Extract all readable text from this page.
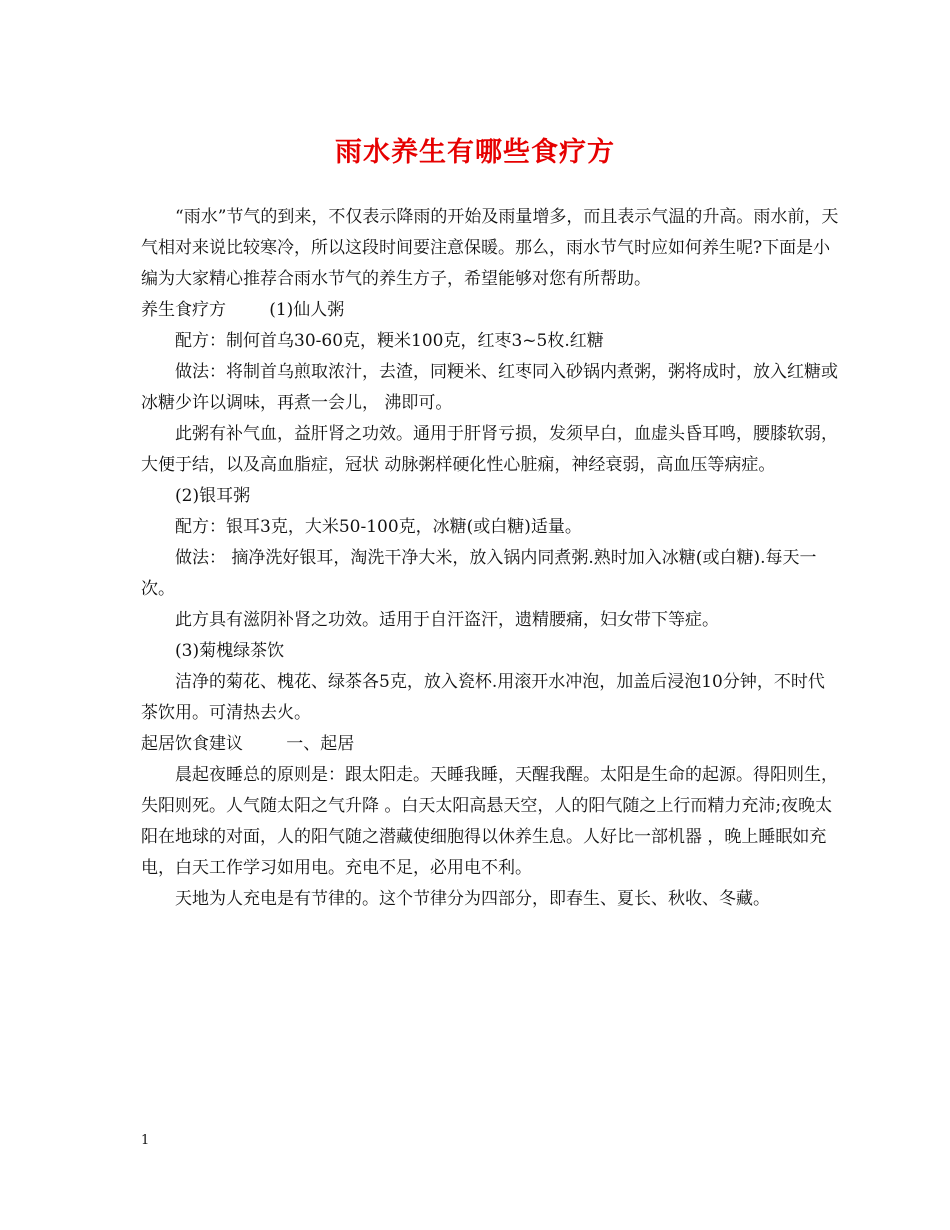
雨水养生有哪些食疗方

“雨水”节气的到来，不仅表示降雨的开始及雨量增多，而且表示气温的升高。雨水前，天气相对来说比较寒冷，所以这段时间要注意保暖。那么，雨水节气时应如何养生呢?下面是小编为大家精心推荐合雨水节气的养生方子，希望能够对您有所帮助。

养生食疗方        (1)仙人粥

配方：制何首乌30-60克，粳米100克，红枣3~5枚.红糖

做法：将制首乌煎取浓汁，去渣，同粳米、红枣同入砂锅内煮粥，粥将成时，放入红糖或冰糖少许以调味，再煮一会儿， 沸即可。

此粥有补气血，益肝肾之功效。通用于肝肾亏损，发须早白，血虚头昏耳鸣，腰膝软弱，大便于结，以及高血脂症，冠状 动脉粥样硬化性心脏痫，神经衰弱，高血压等病症。

(2)银耳粥

配方：银耳3克，大米50-100克，冰糖(或白糖)适量。

做法： 摘净洗好银耳，淘洗干净大米，放入锅内同煮粥.熟时加入冰糖(或白糖).每天一次。

此方具有滋阴补肾之功效。适用于自汗盗汗，遗精腰痛，妇女带下等症。

(3)菊槐绿茶饮

洁净的菊花、槐花、绿茶各5克，放入瓷杯.用滚开水冲泡，加盖后浸泡10分钟，不时代茶饮用。可清热去火。

起居饮食建议        一、起居

晨起夜睡总的原则是：跟太阳走。天睡我睡，天醒我醒。太阳是生命的起源。得阳则生，失阳则死。人气随太阳之气升降 。白天太阳高悬天空，人的阳气随之上行而精力充沛;夜晚太阳在地球的对面，人的阳气随之潜藏使细胞得以休养生息。人好比一部机器 ，晚上睡眠如充电，白天工作学习如用电。充电不足，必用电不利。

天地为人充电是有节律的。这个节律分为四部分，即春生、夏长、秋收、冬藏。

1
